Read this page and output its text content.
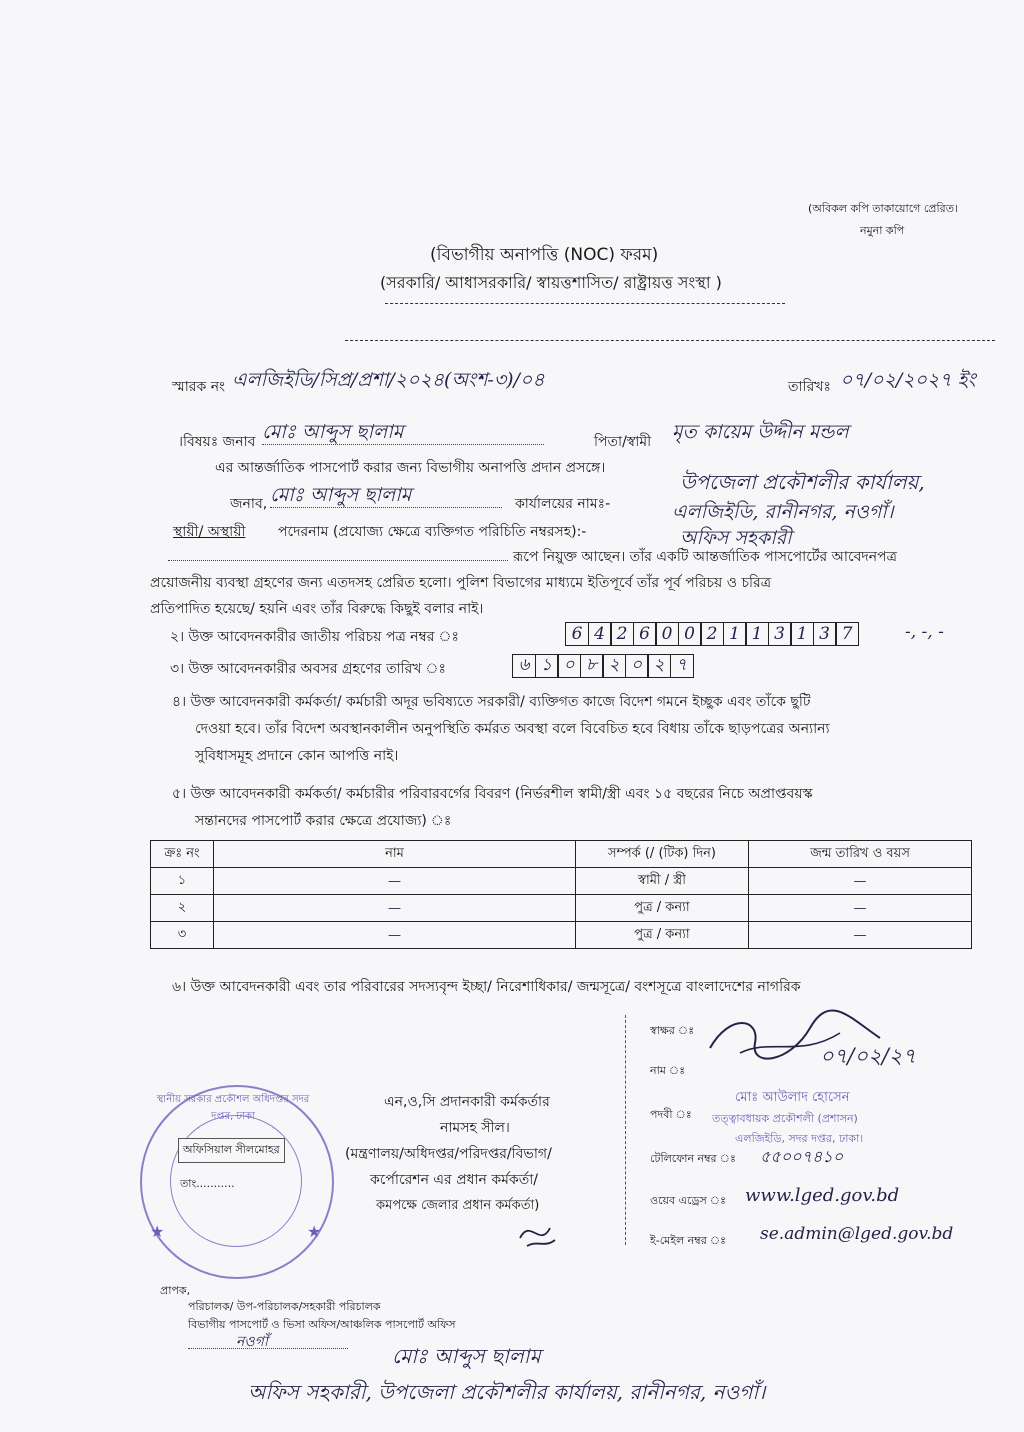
(অবিকল কপি তাকায়োগে প্রেরিত।
নমুনা কপি
(বিভাগীয় অনাপত্তি (NOC) ফরম)
(সরকারি/ আধাসরকারি/ স্বায়ত্তশাসিত/ রাষ্ট্রায়ত্ত সংস্থা )
স্মারক নং এলজিইডি/সিপ্র/প্রশা/২০২৪(অংশ-৩)/০৪	তারিখঃ ০৭/০২/২০২৭ ইং
।বিষয়ঃ জনাব মোঃ আব্দুস ছালাম	পিতা/স্বামী মৃত কায়েম উদ্দীন মন্ডল
এর আন্তর্জাতিক পাসপোর্ট করার জন্য বিভাগীয় অনাপত্তি প্রদান প্রসঙ্গে।
জনাব, মোঃ আব্দুস ছালাম	কার্যালয়ের নামঃ-
উপজেলা প্রকৌশলীর কার্যালয়,
এলজিইডি, রানীনগর, নওগাঁ।
স্থায়ী/ অস্থায়ী পদেরনাম (প্রযোজ্য ক্ষেত্রে ব্যক্তিগত পরিচিতি নম্বরসহ):-	অফিস সহকারী
রূপে নিয়ুক্ত আছেন। তাঁর একটি আন্তর্জাতিক পাসপোর্টের আবেদনপত্র
প্রয়োজনীয় ব্যবস্থা গ্রহণের জন্য এতদসহ প্রেরিত হলো। পুলিশ বিভাগের মাধ্যমে ইতিপূর্বে তাঁর পূর্ব পরিচয় ও চরিত্র
প্রতিপাদিত হয়েছে/ হয়নি এবং তাঁর বিরুদ্ধে কিছুই বলার নাই।
২। উক্ত আবেদনকারীর জাতীয় পরিচয় পত্র নম্বর ঃ	6 4 2 6 0 0 2 1 1 3 1 3 7	-, -, -
৩। উক্ত আবেদনকারীর অবসর গ্রহণের তারিখ ঃ	৬ ১ ০ ৮ ২ ০ ২ ৭
৪। উক্ত আবেদনকারী কর্মকর্তা/ কর্মচারী অদূর ভবিষ্যতে সরকারী/ ব্যক্তিগত কাজে বিদেশ গমনে ইচ্ছুক এবং তাঁকে ছুটি
দেওয়া হবে। তাঁর বিদেশ অবস্থানকালীন অনুপস্থিতি কর্মরত অবস্থা বলে বিবেচিত হবে বিধায় তাঁকে ছাড়পত্রের অন্যান্য
সুবিধাসমূহ প্রদানে কোন আপত্তি নাই।
৫। উক্ত আবেদনকারী কর্মকর্তা/ কর্মচারীর পরিবারবর্গের বিবরণ (নির্ভরশীল স্বামী/স্ত্রী এবং ১৫ বছরের নিচে অপ্রাপ্তবয়স্ক
সন্তানদের পাসপোর্ট করার ক্ষেত্রে প্রযোজ্য) ঃ
ক্রঃ নং	নাম	সম্পর্ক (/ (টিক) দিন)	জন্ম তারিখ ও বয়স
১	—	স্বামী / স্ত্রী	—
২	—	পুত্র / কন্যা	—
৩	—	পুত্র / কন্যা	—
৬। উক্ত আবেদনকারী এবং তার পরিবারের সদস্যবৃন্দ ইচ্ছা/ নিরেশাধিকার/ জন্মসূত্রে/ বংশসূত্রে বাংলাদেশের নাগরিক
স্বাক্ষর ঃ
নাম ঃ
০৭/০২/২৭
মোঃ আউলাদ হোসেন
পদবী ঃ তত্ত্বাবধায়ক প্রকৌশলী (প্রশাসন)
এলজিইডি, সদর দপ্তর, ঢাকা।
টেলিফোন নম্বর ঃ ৫৫০০৭৪১০
ওয়েব এড্রেস ঃ www.lged.gov.bd
ই-মেইল নম্বর ঃ se.admin@lged.gov.bd
এন,ও,সি প্রদানকারী কর্মকর্তার
নামসহ সীল।
(মন্ত্রণালয়/অধিদপ্তর/পরিদপ্তর/বিভাগ/
কর্পোরেশন এর প্রধান কর্মকর্তা/
কমপক্ষে জেলার প্রধান কর্মকর্তা)
স্থানীয় সরকার প্রকৌশল অধিদপ্তর সদর দপ্তর, ঢাকা
অফিসিয়াল সীলমোহর
তাং...........
★	★
প্রাপক,
পরিচালক/ উপ-পরিচালক/সহকারী পরিচালক
বিভাগীয় পাসপোর্ট ও ভিসা অফিস/আঞ্চলিক পাসপোর্ট অফিস
নওগাঁ
মোঃ আব্দুস ছালাম
অফিস সহকারী, উপজেলা প্রকৌশলীর কার্যালয়, রানীনগর, নওগাঁ।
